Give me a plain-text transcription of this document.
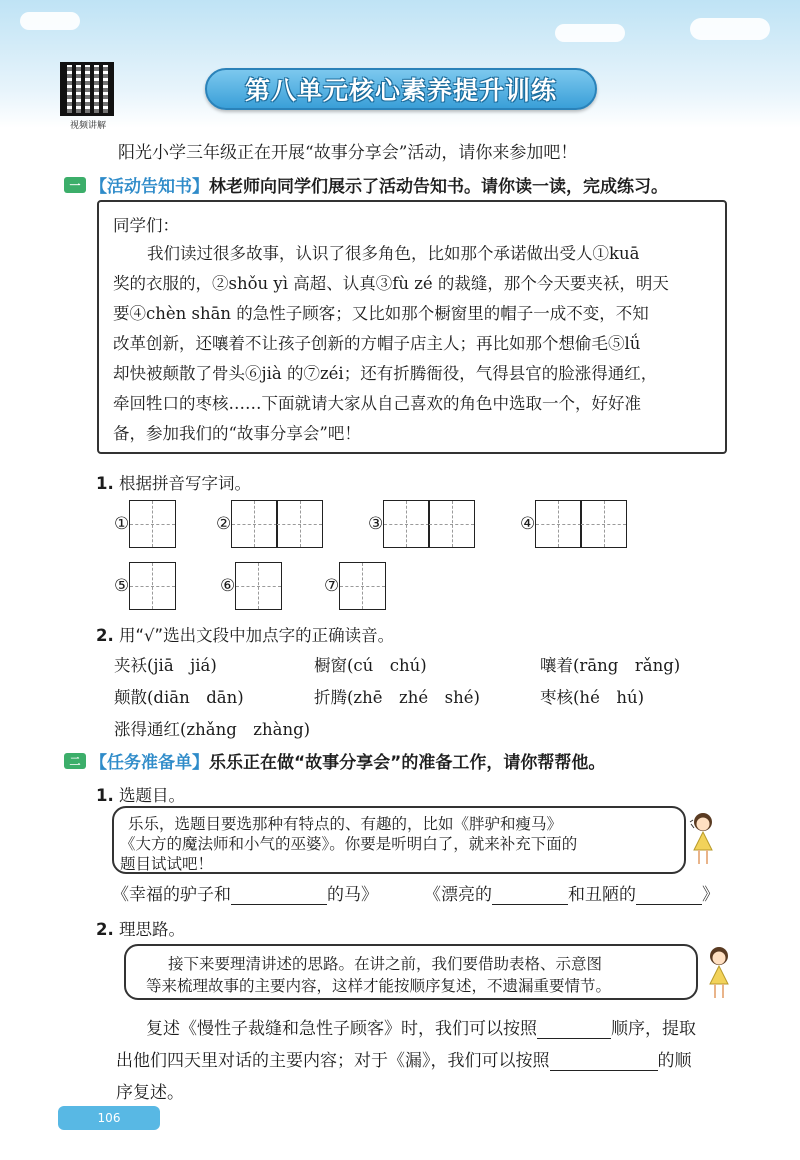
视频讲解
第八单元核心素养提升训练
阳光小学三年级正在开展“故事分享会”活动，请你来参加吧！
一 【活动告知书】 林老师向同学们展示了活动告知书。请你读一读，完成练习。
同学们：
我们读过很多故事，认识了很多角色，比如那个承诺做出受人①kuā
奖的衣服的，②shǒu yì 高超、认真③fù zé 的裁缝，那个今天要夹袄，明天
要④chèn shān 的急性子顾客；又比如那个橱窗里的帽子一成不变，不知
改革创新，还嚷着不让孩子创新的方帽子店主人；再比如那个想偷毛⑤lǘ
却快被颠散了骨头⑥jià 的⑦zéi；还有折腾衙役，气得县官的脸涨得通红，
牵回牲口的枣核……下面就请大家从自己喜欢的角色中选取一个，好好准
备，参加我们的“故事分享会”吧！
1. 根据拼音写字词。
①	②	③	④
⑤	⑥	⑦
2. 用“√”选出文段中加点字的正确读音。
夹袄(jiā　jiá)	橱窗(cú　chú)	嚷着(rāng　rǎng)
颠散(diān　dān)	折腾(zhē　zhé　shé)	枣核(hé　hú)
涨得通红(zhǎng　zhàng)
二 【任务准备单】 乐乐正在做“故事分享会”的准备工作，请你帮帮他。
1. 选题目。
乐乐，选题目要选那种有特点的、有趣的，比如《胖驴和瘦马》
《大方的魔法师和小气的巫婆》。你要是听明白了，就来补充下面的
题目试试吧！
《幸福的驴子和	的马》	《漂亮的	和丑陋的	》
2. 理思路。
接下来要理清讲述的思路。在讲之前，我们要借助表格、示意图
等来梳理故事的主要内容，这样才能按顺序复述，不遗漏重要情节。
复述《慢性子裁缝和急性子顾客》时，我们可以按照	顺序，提取
出他们四天里对话的主要内容；对于《漏》，我们可以按照	的顺
序复述。
106
